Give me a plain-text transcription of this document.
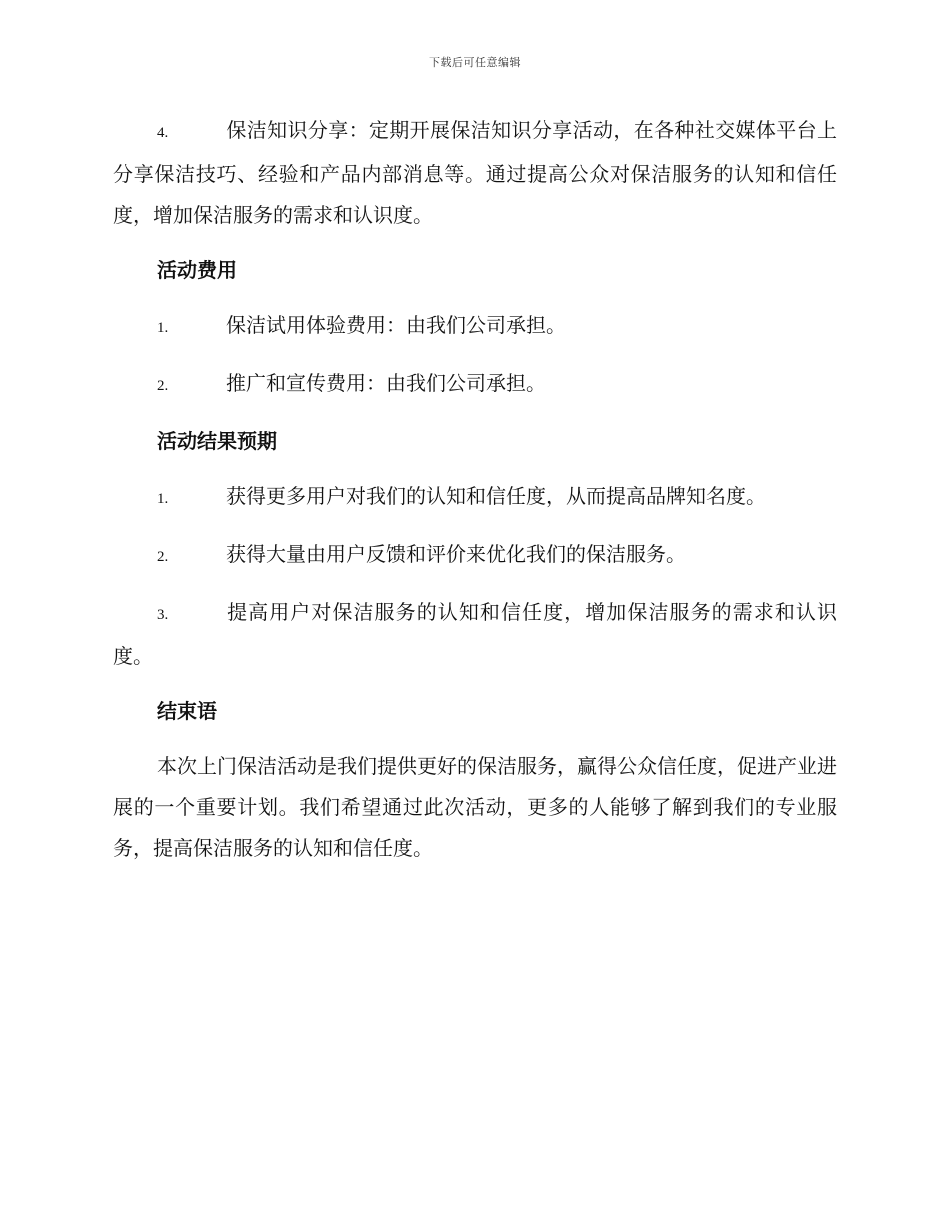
下载后可任意编辑

4.	保洁知识分享：定期开展保洁知识分享活动，在各种社交媒体平台上分享保洁技巧、经验和产品内部消息等。通过提高公众对保洁服务的认知和信任度，增加保洁服务的需求和认识度。

活动费用

1.	保洁试用体验费用：由我们公司承担。

2.	推广和宣传费用：由我们公司承担。

活动结果预期

1.	获得更多用户对我们的认知和信任度，从而提高品牌知名度。

2.	获得大量由用户反馈和评价来优化我们的保洁服务。

3.	提高用户对保洁服务的认知和信任度，增加保洁服务的需求和认识度。

结束语

本次上门保洁活动是我们提供更好的保洁服务，赢得公众信任度，促进产业进展的一个重要计划。我们希望通过此次活动，更多的人能够了解到我们的专业服务，提高保洁服务的认知和信任度。
